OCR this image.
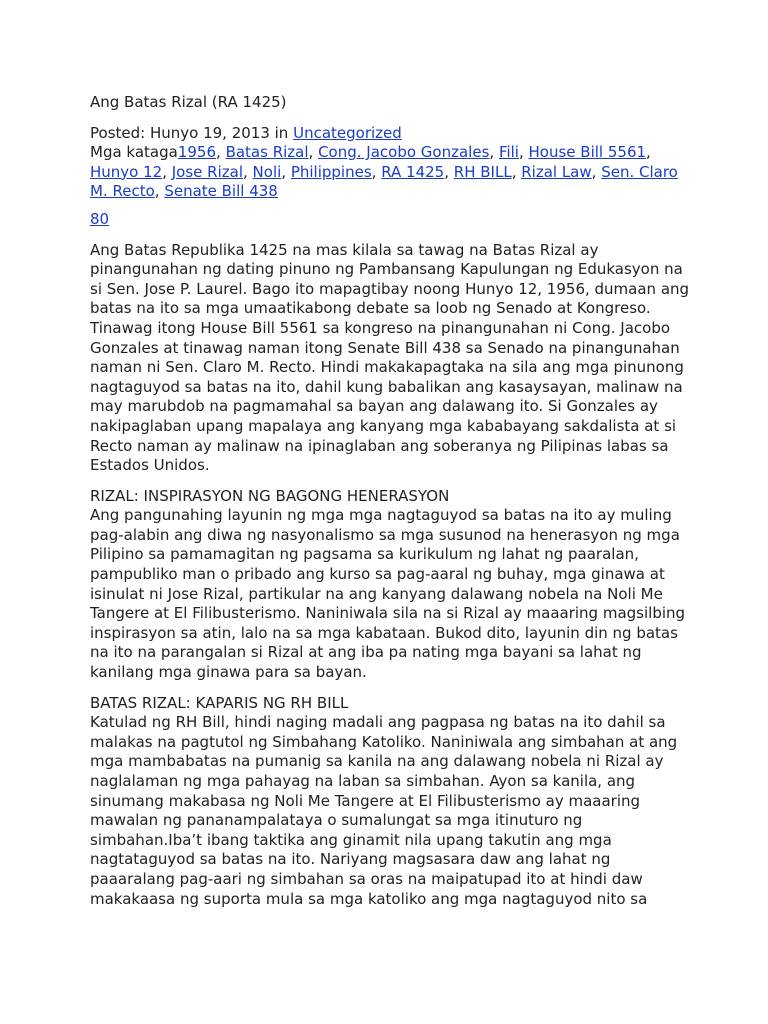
Ang Batas Rizal (RA 1425)

Posted: Hunyo 19, 2013 in Uncategorized

Mga kataga1956, Batas Rizal, Cong. Jacobo Gonzales, Fili, House Bill 5561, Hunyo 12, Jose Rizal, Noli, Philippines, RA 1425, RH BILL, Rizal Law, Sen. Claro M. Recto, Senate Bill 438

80

Ang Batas Republika 1425 na mas kilala sa tawag na Batas Rizal ay pinangunahan ng dating pinuno ng Pambansang Kapulungan ng Edukasyon na si Sen. Jose P. Laurel. Bago ito mapagtibay noong Hunyo 12, 1956, dumaan ang batas na ito sa mga umaatikabong debate sa loob ng Senado at Kongreso. Tinawag itong House Bill 5561 sa kongreso na pinangunahan ni Cong. Jacobo Gonzales at tinawag naman itong Senate Bill 438 sa Senado na pinangunahan naman ni Sen. Claro M. Recto. Hindi makakapagtaka na sila ang mga pinunong nagtaguyod sa batas na ito, dahil kung babalikan ang kasaysayan, malinaw na may marubdob na pagmamahal sa bayan ang dalawang ito. Si Gonzales ay nakipaglaban upang mapalaya ang kanyang mga kababayang sakdalista at si Recto naman ay malinaw na ipinaglaban ang soberanya ng Pilipinas labas sa Estados Unidos.

RIZAL: INSPIRASYON NG BAGONG HENERASYON
Ang pangunahing layunin ng mga mga nagtaguyod sa batas na ito ay muling pag-alabin ang diwa ng nasyonalismo sa mga susunod na henerasyon ng mga Pilipino sa pamamagitan ng pagsama sa kurikulum ng lahat ng paaralan, pampubliko man o pribado ang kurso sa pag-aaral ng buhay, mga ginawa at isinulat ni Jose Rizal, partikular na ang kanyang dalawang nobela na Noli Me Tangere at El Filibusterismo. Naniniwala sila na si Rizal ay maaaring magsilbing inspirasyon sa atin, lalo na sa mga kabataan. Bukod dito, layunin din ng batas na ito na parangalan si Rizal at ang iba pa nating mga bayani sa lahat ng kanilang mga ginawa para sa bayan.
BATAS RIZAL: KAPARIS NG RH BILL
Katulad ng RH Bill, hindi naging madali ang pagpasa ng batas na ito dahil sa malakas na pagtutol ng Simbahang Katoliko. Naniniwala ang simbahan at ang mga mambabatas na pumanig sa kanila na ang dalawang nobela ni Rizal ay naglalaman ng mga pahayag na laban sa simbahan. Ayon sa kanila, ang sinumang makabasa ng Noli Me Tangere at El Filibusterismo ay maaaring mawalan ng pananampalataya o sumalungat sa mga itinuturo ng simbahan.Iba’t ibang taktika ang ginamit nila upang takutin ang mga nagtataguyod sa batas na ito. Nariyang magsasara daw ang lahat ng paaaralang pag-aari ng simbahan sa oras na maipatupad ito at hindi daw makakaasa ng suporta mula sa mga katoliko ang mga nagtaguyod nito sa
